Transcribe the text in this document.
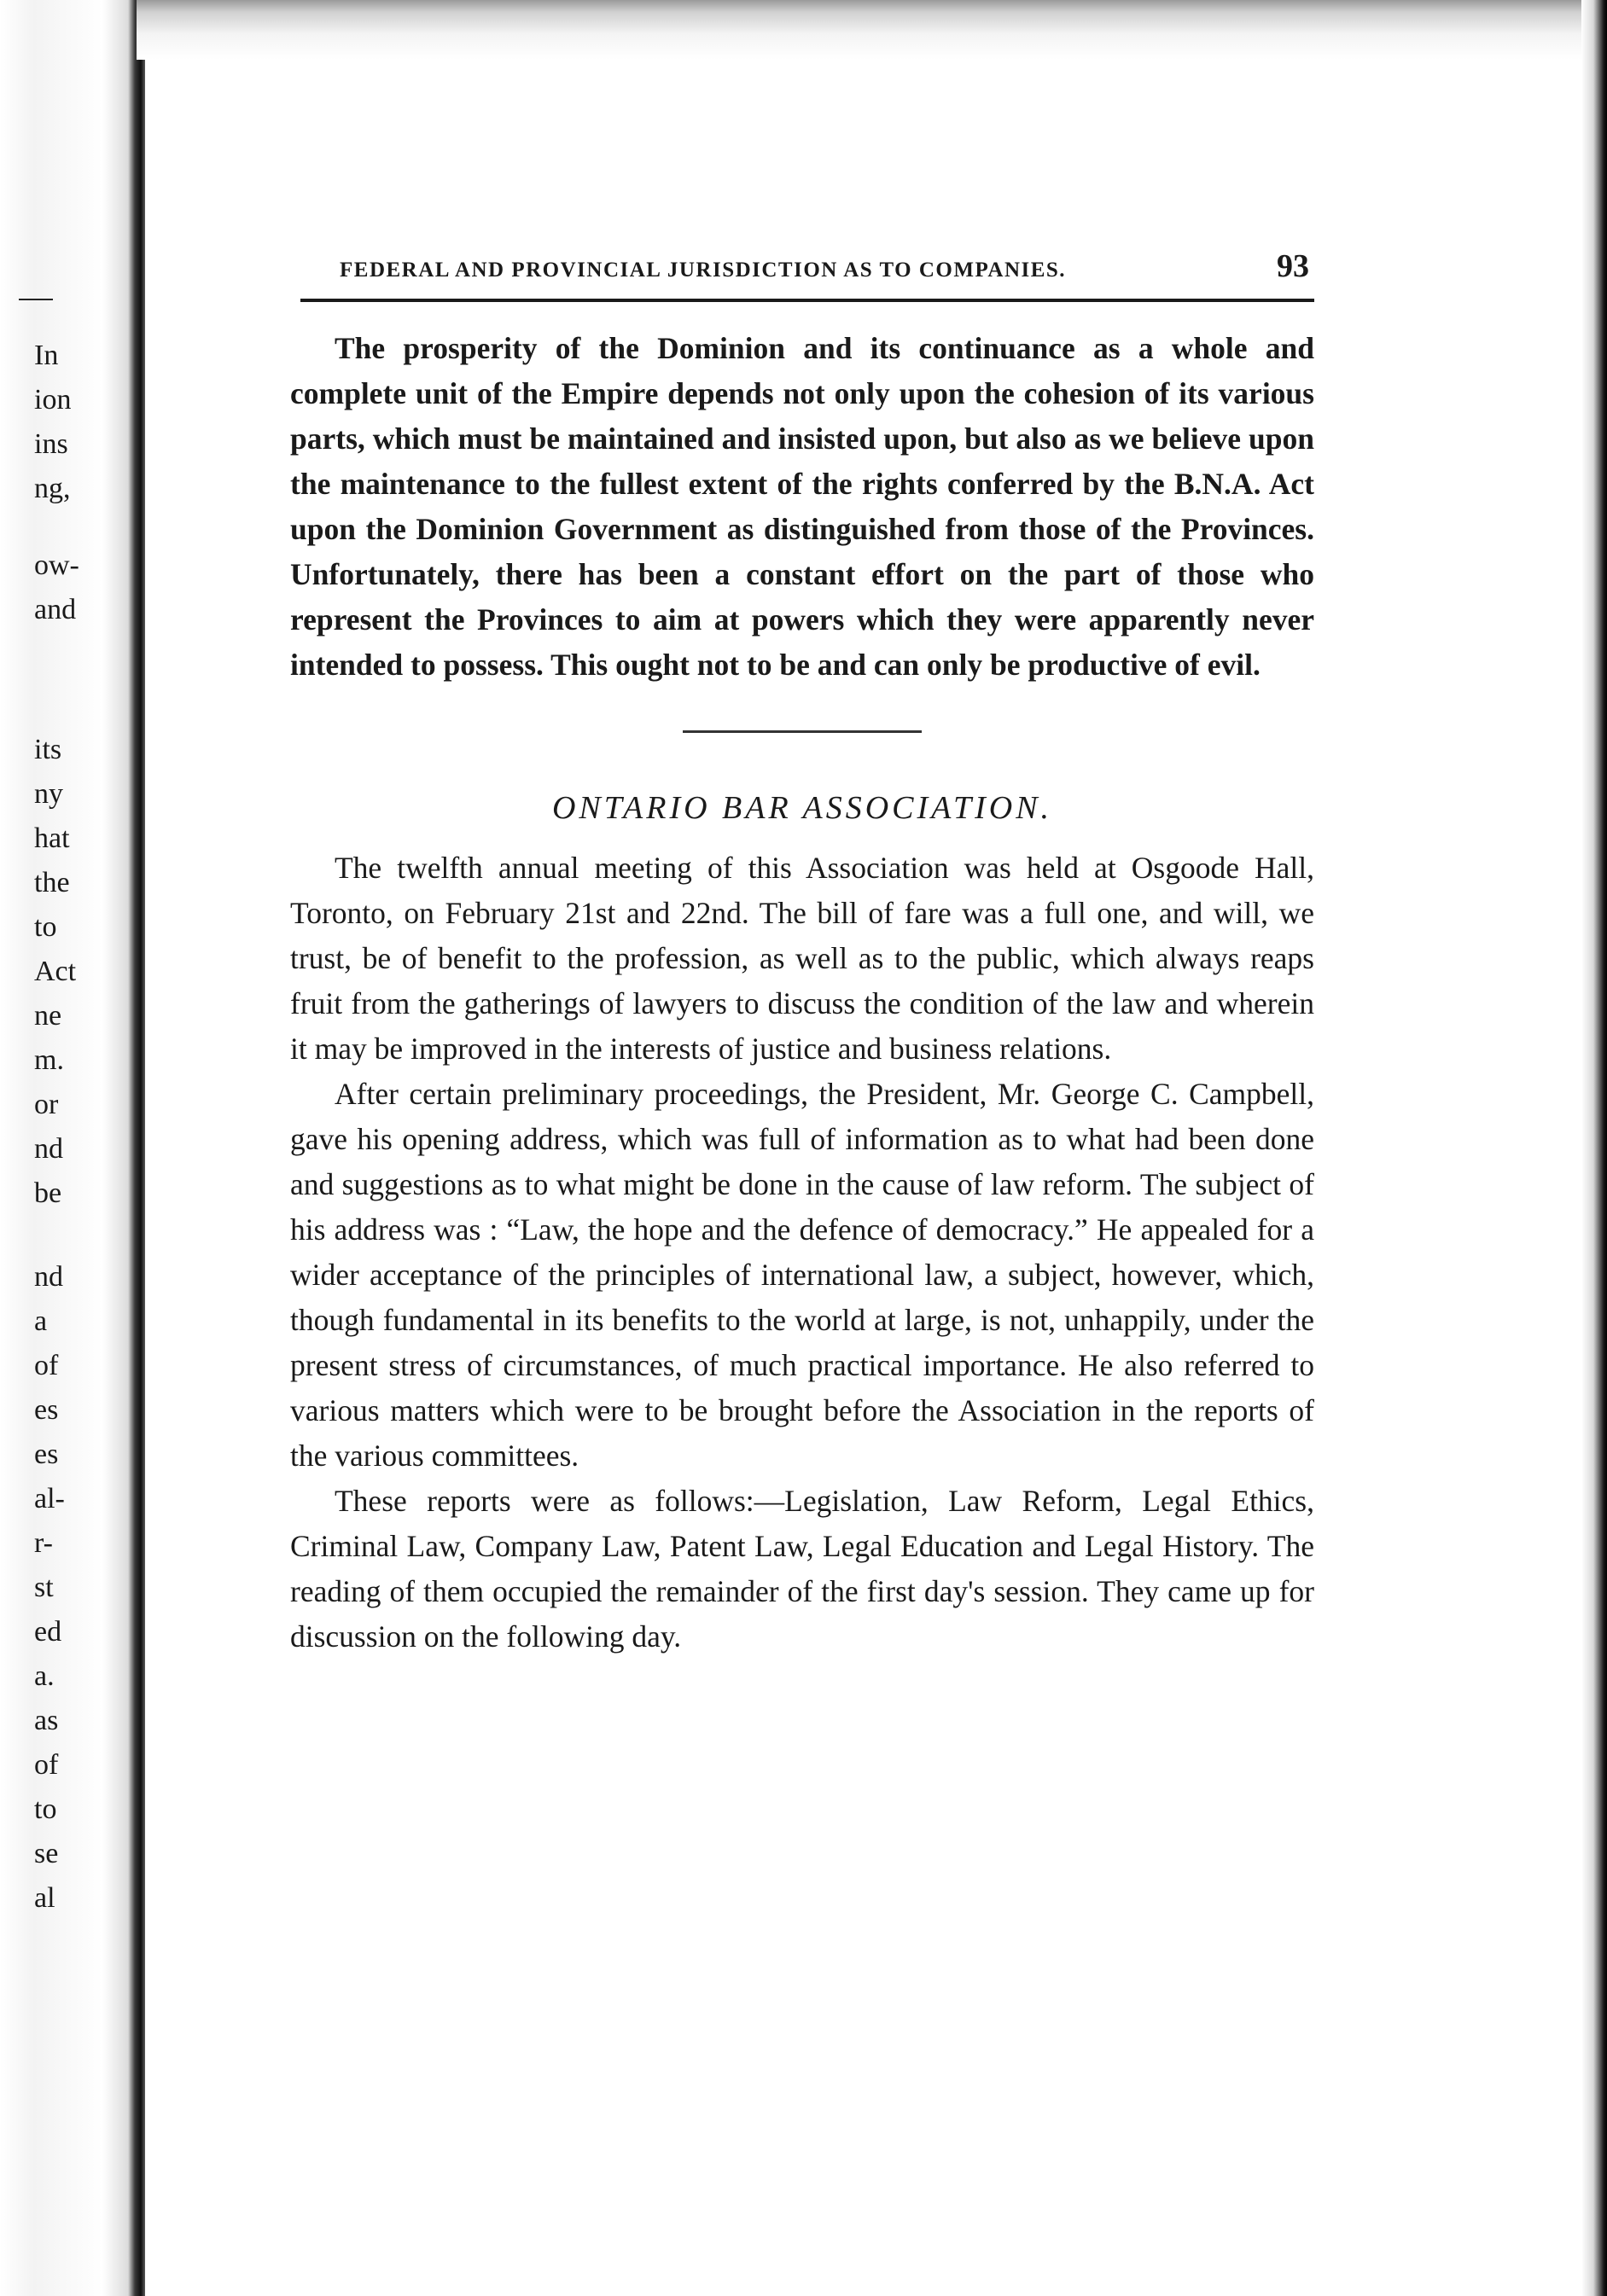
In
ion
ins
ng,
ow-
and
its
ny
hat
the
to
Act
ne
m.
or
nd
be
nd
a
of
es
es
al-
r-
st
ed
a.
as
of
to
se
al
FEDERAL AND PROVINCIAL JURISDICTION AS TO COMPANIES.	93

The prosperity of the Dominion and its continuance as a whole and complete unit of the Empire depends not only upon the cohesion of its various parts, which must be maintained and insisted upon, but also as we believe upon the maintenance to the fullest extent of the rights conferred by the B.N.A. Act upon the Dominion Government as distinguished from those of the Provinces. Unfortunately, there has been a constant effort on the part of those who represent the Provinces to aim at powers which they were apparently never intended to possess. This ought not to be and can only be productive of evil.

ONTARIO BAR ASSOCIATION.

The twelfth annual meeting of this Association was held at Osgoode Hall, Toronto, on February 21st and 22nd. The bill of fare was a full one, and will, we trust, be of benefit to the profession, as well as to the public, which always reaps fruit from the gatherings of lawyers to discuss the condition of the law and wherein it may be improved in the interests of justice and business relations.

After certain preliminary proceedings, the President, Mr. George C. Campbell, gave his opening address, which was full of information as to what had been done and suggestions as to what might be done in the cause of law reform. The subject of his address was : “Law, the hope and the defence of democracy.” He appealed for a wider acceptance of the principles of international law, a subject, however, which, though fundamental in its benefits to the world at large, is not, unhappily, under the present stress of circumstances, of much practical importance. He also referred to various matters which were to be brought before the Association in the reports of the various committees.

These reports were as follows:—Legislation, Law Reform, Legal Ethics, Criminal Law, Company Law, Patent Law, Legal Education and Legal History. The reading of them occupied the remainder of the first day's session. They came up for discussion on the following day.
